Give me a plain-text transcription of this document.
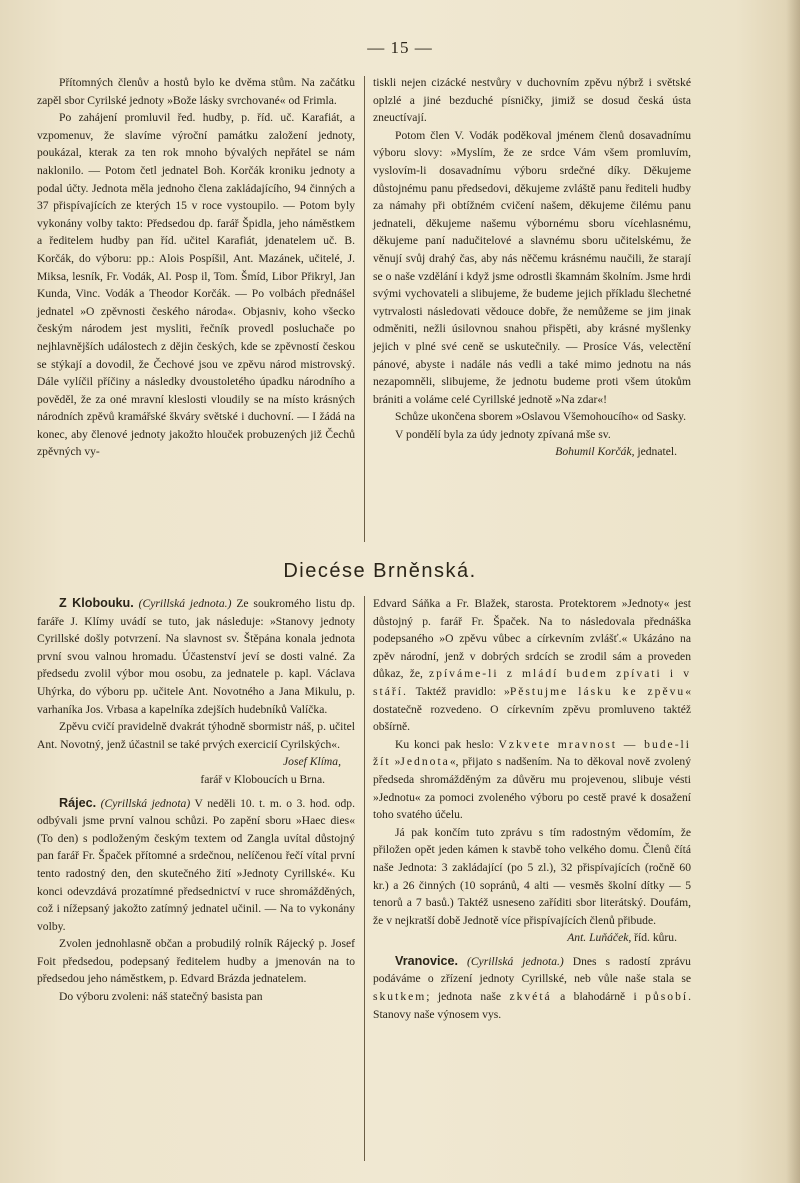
— 15 —

Přítomných členův a hostů bylo ke dvěma stům. Na začátku zapěl sbor Cyrilské jednoty »Bože lásky svrchované« od Frimla.

Po zahájení promluvil řed. hudby, p. říd. uč. Karafiát, a vzpomenuv, že slavíme výroční památku založení jednoty, poukázal, kterak za ten rok mnoho bývalých nepřátel se nám naklonilo. — Potom četl jednatel Boh. Korčák kroniku jednoty a podal účty. Jednota měla jednoho člena zakládajícího, 94 činných a 37 přispívajících ze kterých 15 v roce vystoupilo. — Potom byly vykonány volby takto: Předsedou dp. farář Špidla, jeho náměstkem a ředitelem hudby pan říd. učitel Karafiát, jdenatelem uč. B. Korčák, do výboru: pp.: Alois Pospíšil, Ant. Mazánek, učitelé, J. Miksa, lesník, Fr. Vodák, Al. Posp il, Tom. Šmíd, Libor Přikryl, Jan Kunda, Vinc. Vodák a Theodor Korčák. — Po volbách přednášel jednatel »O zpěvnosti českého národa«. Objasniv, koho všecko českým národem jest mysliti, řečník provedl posluchače po nejhlavnějších událostech z dějin českých, kde se zpěvností českou se stýkají a dovodil, že Čechové jsou ve zpěvu národ mistrovský. Dále vylíčil příčiny a následky dvoustoletého úpadku národního a pověděl, že za oné mravní kleslosti vloudily se na místo krásných národních zpěvů kramářské škváry světské i duchovní. — I žádá na konec, aby členové jednoty jakožto hlouček probuzených již Čechů zpěvných vy-

tiskli nejen cizácké nestvůry v duchovním zpěvu nýbrž i světské oplzlé a jiné bezduché písničky, jimiž se dosud česká ústa zneuctívají.

Potom člen V. Vodák poděkoval jménem členů dosavadnímu výboru slovy: »Myslím, že ze srdce Vám všem promluvím, vyslovím-li dosavadnímu výboru srdečné díky. Děkujeme důstojnému panu předsedovi, děkujeme zvláště panu řediteli hudby za námahy při obtížném cvičení našem, děkujeme čilému panu jednateli, děkujeme našemu výbornému sboru vícehlasnému, děkujeme paní nadučitelové a slavnému sboru učitelskému, že věnují svůj drahý čas, aby nás něčemu krásnému naučili, že starají se o naše vzdělání i když jsme odrostli škamnám školním. Jsme hrdi svými vychovateli a slibujeme, že budeme jejich příkladu šlechetné vytrvalosti následovati vědouce dobře, že nemůžeme se jim jinak odměniti, nežli úsilovnou snahou přispěti, aby krásné myšlenky jejich v plné své ceně se uskutečnily. — Prosíce Vás, velectění pánové, abyste i nadále nás vedli a také mimo jednotu na nás nezapomněli, slibujeme, že jednotu budeme proti všem útokům brániti a voláme celé Cyrillské jednotě »Na zdar«!

Schůze ukončena sborem »Oslavou Všemohoucího« od Sasky.

V pondělí byla za údy jednoty zpívaná mše sv.

Bohumil Korčák, jednatel.

Diecése Brněnská.

Z Klobouku. (Cyrillská jednota.) Ze soukromého listu dp. faráře J. Klímy uvádí se tuto, jak následuje: »Stanovy jednoty Cyrillské došly potvrzení. Na slavnost sv. Štěpána konala jednota první svou valnou hromadu. Účastenství jeví se dosti valné. Za předsedu zvolil výbor mou osobu, za jednatele p. kapl. Václava Uhýrka, do výboru pp. učitele Ant. Novotného a Jana Mikulu, p. varhaníka Jos. Vrbasa a kapelníka zdejších hudebníků Valíčka.

Zpěvu cvičí pravidelně dvakrát týhodně sbormistr náš, p. učitel Ant. Novotný, jenž účastnil se také prvých exercicií Cyrilských«.

Josef Klíma,

farář v Kloboucích u Brna.

Rájec. (Cyrillská jednota) V neděli 10. t. m. o 3. hod. odp. odbývali jsme první valnou schůzi. Po zapění sboru »Haec dies« (To den) s podloženým českým textem od Zangla uvítal důstojný pan farář Fr. Špaček přítomné a srdečnou, nelíčenou řečí vítal první tento radostný den, den skutečného žití »Jednoty Cyrillské«. Ku konci odevzdává prozatímné předsednictví v ruce shromážděných, což i nížepsaný jakožto zatímný jednatel učinil. — Na to vykonány volby.

Zvolen jednohlasně občan a probudilý rolník Rájecký p. Josef Foit předsedou, podepsaný ředitelem hudby a jmenován na to předsedou jeho náměstkem, p. Edvard Brázda jednatelem.

Do výboru zvoleni: náš statečný basista pan

Edvard Sáňka a Fr. Blažek, starosta. Protektorem »Jednoty« jest důstojný p. farář Fr. Špaček. Na to následovala přednáška podepsaného »O zpěvu vůbec a církevním zvlášť.« Ukázáno na zpěv národní, jenž v dobrých srdcích se zrodil sám a proveden důkaz, že, zpíváme-li z mládí budem zpívati i v stáří. Taktéž pravidlo: »Pěstujme lásku ke zpěvu« dostatečně rozvedeno. O církevním zpěvu promluveno taktéž obšírně.

Ku konci pak heslo: Vzkvete mravnost — bude-li žít »Jednota«, přijato s nadšením. Na to děkoval nově zvolený předseda shromážděným za důvěru mu projevenou, slibuje vésti »Jednotu« za pomoci zvoleného výboru po cestě pravé k dosažení toho svatého účelu.

Já pak končím tuto zprávu s tím radostným vědomím, že přiložen opět jeden kámen k stavbě toho velkého domu. Členů čítá naše Jednota: 3 zakládající (po 5 zl.), 32 přispívajících (ročně 60 kr.) a 26 činných (10 sopránů, 4 alti — vesměs školní dítky — 5 tenorů a 7 basů.) Taktéž usneseno zaříditi sbor literátský. Doufám, že v nejkratší době Jednotě více přispívajících členů přibude.

Ant. Luňáček, říd. kůru.

Vranovice. (Cyrillská jednota.) Dnes s radostí zprávu podáváme o zřízení jednoty Cyrillské, neb vůle naše stala se skutkem; jednota naše zkvétá a blahodárně i působí. Stanovy naše výnosem vys.
